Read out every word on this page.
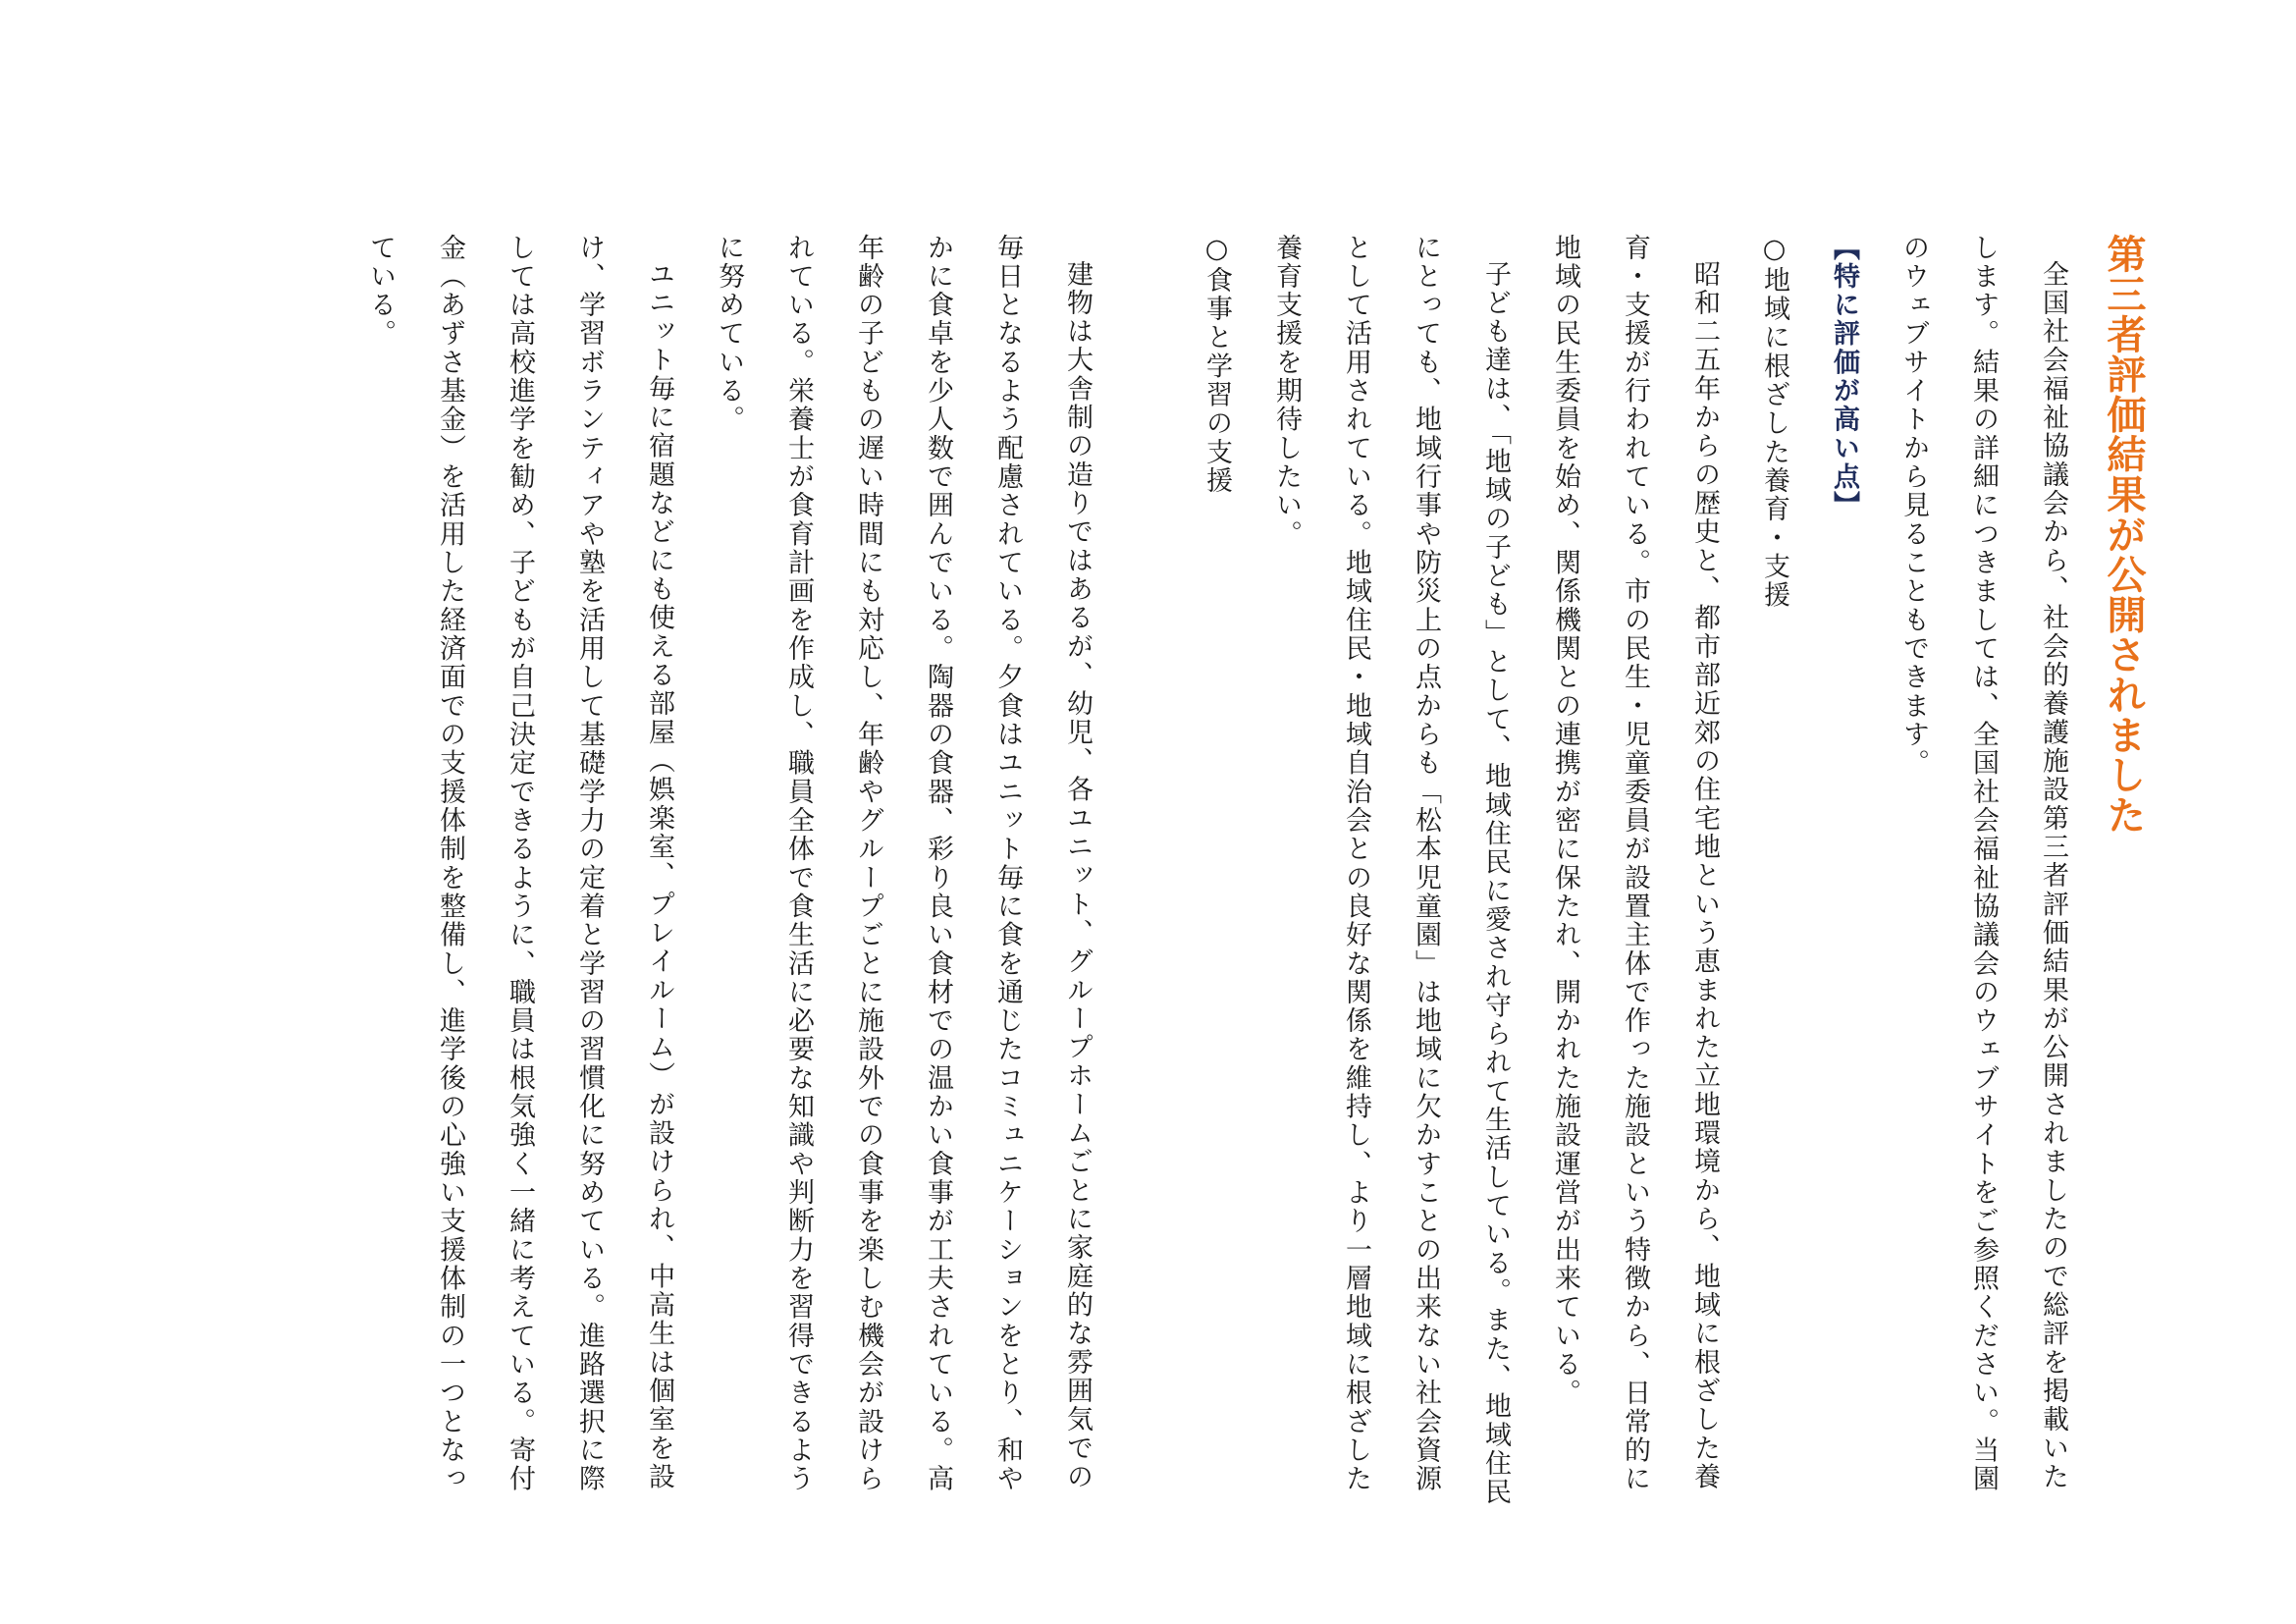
第三者評価結果が公開されました

全国社会福祉協議会から、社会的養護施設第三者評価結果が公開されましたので総評を掲載いたします。結果の詳細につきましては、全国社会福祉協議会のウェブサイトをご参照ください。当園のウェブサイトから見ることもできます。

【特に評価が高い点】

○地域に根ざした養育・支援

昭和二五年からの歴史と、都市部近郊の住宅地という恵まれた立地環境から、地域に根ざした養育・支援が行われている。市の民生・児童委員が設置主体で作った施設という特徴から、日常的に地域の民生委員を始め、関係機関との連携が密に保たれ、開かれた施設運営が出来ている。

子ども達は、「地域の子ども」として、地域住民に愛され守られて生活している。また、地域住民にとっても、地域行事や防災上の点からも「松本児童園」は地域に欠かすことの出来ない社会資源として活用されている。地域住民・地域自治会との良好な関係を維持し、より一層地域に根ざした養育支援を期待したい。

○食事と学習の支援

建物は大舎制の造りではあるが、幼児、各ユニット、グループホームごとに家庭的な雰囲気での毎日となるよう配慮されている。夕食はユニット毎に食を通じたコミュニケーションをとり、和やかに食卓を少人数で囲んでいる。陶器の食器、彩り良い食材での温かい食事が工夫されている。高年齢の子どもの遅い時間にも対応し、年齢やグループごとに施設外での食事を楽しむ機会が設けられている。栄養士が食育計画を作成し、職員全体で食生活に必要な知識や判断力を習得できるように努めている。

ユニット毎に宿題などにも使える部屋（娯楽室、プレイルーム）が設けられ、中高生は個室を設け、学習ボランティアや塾を活用して基礎学力の定着と学習の習慣化に努めている。進路選択に際しては高校進学を勧め、子どもが自己決定できるように、職員は根気強く一緒に考えている。寄付金（あずさ基金）を活用した経済面での支援体制を整備し、進学後の心強い支援体制の一つとなっている。
